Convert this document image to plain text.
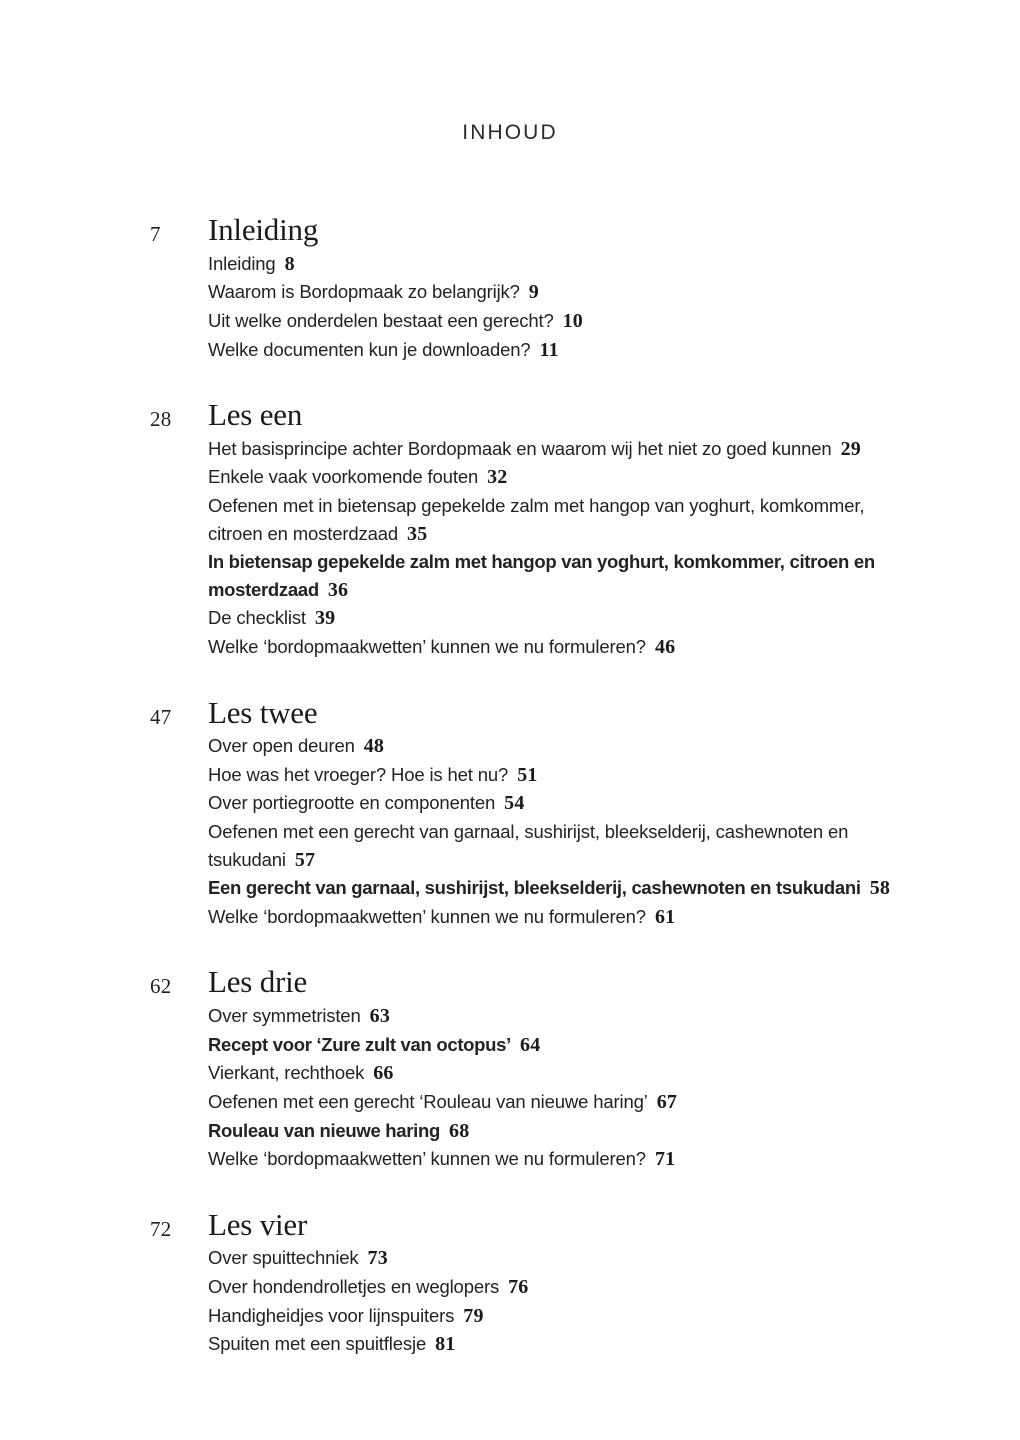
INHOUD
7 Inleiding
Inleiding 8
Waarom is Bordopmaak zo belangrijk? 9
Uit welke onderdelen bestaat een gerecht? 10
Welke documenten kun je downloaden? 11
28 Les een
Het basisprincipe achter Bordopmaak en waarom wij het niet zo goed kunnen 29
Enkele vaak voorkomende fouten 32
Oefenen met in bietensap gepekelde zalm met hangop van yoghurt, komkommer, citroen en mosterdzaad 35
In bietensap gepekelde zalm met hangop van yoghurt, komkommer, citroen en mosterdzaad 36
De checklist 39
Welke ‘bordopmaakwetten’ kunnen we nu formuleren? 46
47 Les twee
Over open deuren 48
Hoe was het vroeger? Hoe is het nu? 51
Over portiegrootte en componenten 54
Oefenen met een gerecht van garnaal, sushirijst, bleekselderij, cashewnoten en tsukudani 57
Een gerecht van garnaal, sushirijst, bleekselderij, cashewnoten en tsukudani 58
Welke ‘bordopmaakwetten’ kunnen we nu formuleren? 61
62 Les drie
Over symmetristen 63
Recept voor ‘Zure zult van octopus’ 64
Vierkant, rechthoek 66
Oefenen met een gerecht ‘Rouleau van nieuwe haring’ 67
Rouleau van nieuwe haring 68
Welke ‘bordopmaakwetten’ kunnen we nu formuleren? 71
72 Les vier
Over spuittechniek 73
Over hondendrolletjes en weglopers 76
Handigheidjes voor lijnspuiters 79
Spuiten met een spuitflesje 81
